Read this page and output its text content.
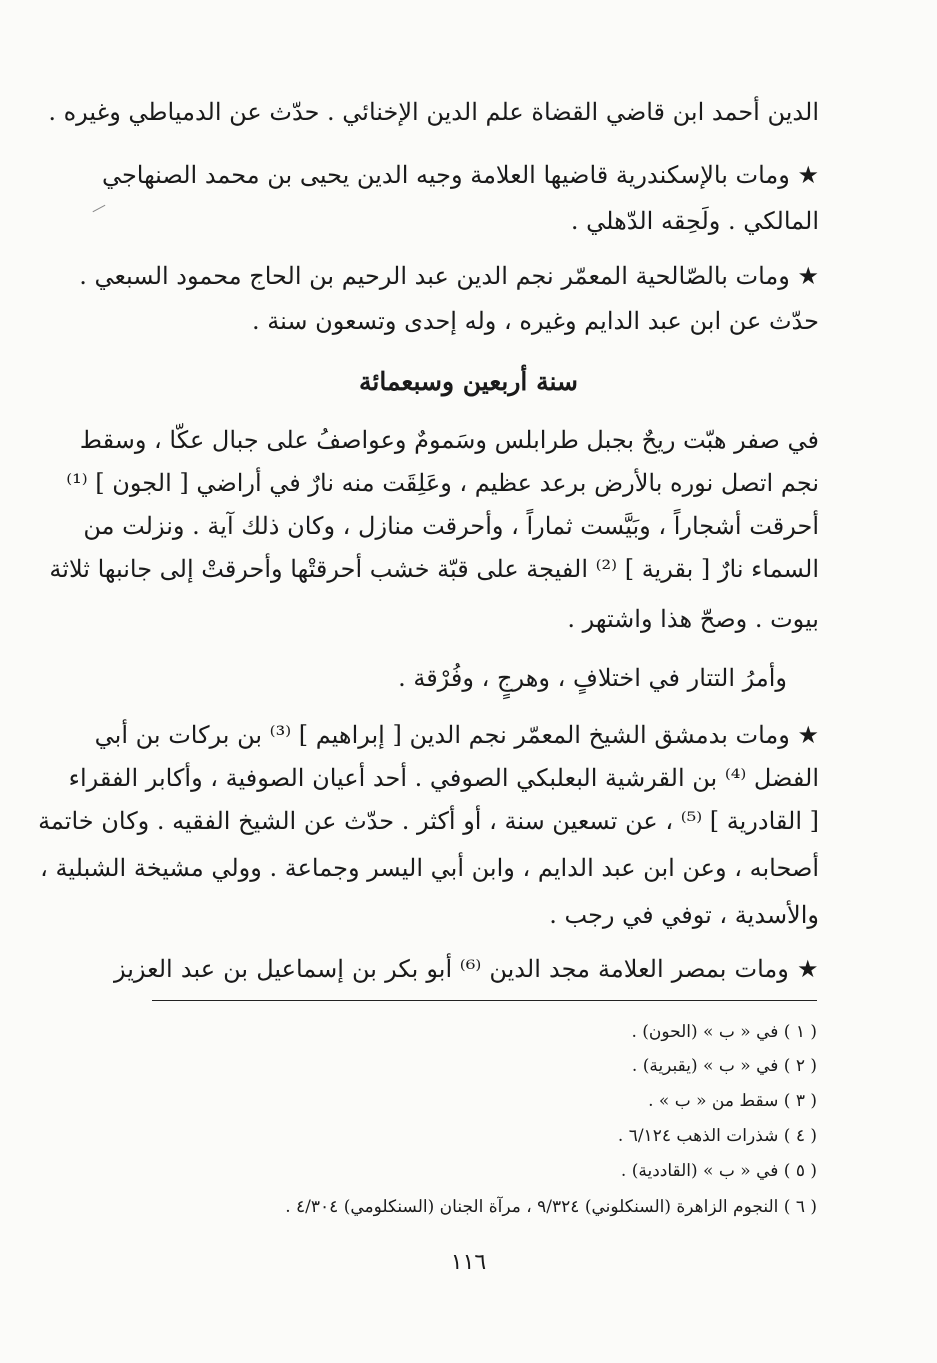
الدين أحمد ابن قاضي القضاة علم الدين الإخنائي . حدّث عن الدمياطي وغيره .
★ ومات بالإسكندرية قاضيها العلامة وجيه الدين يحيى بن محمد الصنهاجي
المالكي . ولَحِقه الدّهلي .
★ ومات بالصّالحية المعمّر نجم الدين عبد الرحيم بن الحاج محمود السبعي .
حدّث عن ابن عبد الدايم وغيره ، وله إحدى وتسعون سنة .
سنة أربعين وسبعمائة
في صفر هبّت ريحٌ بجبل طرابلس وسَمومٌ وعواصفُ على جبال عكّا ، وسقط
نجم اتصل نوره بالأرض برعد عظيم ، وعَلِقَت منه نارٌ في أراضي [ الجون ] ⁽¹⁾
أحرقت أشجاراً ، وبَيَّست ثماراً ، وأحرقت منازل ، وكان ذلك آية . ونزلت من
السماء نارٌ [ بقرية ] ⁽²⁾ الفيجة على قبّة خشب أحرقتْها وأحرقتْ إلى جانبها ثلاثة
بيوت . وصحّ هذا واشتهر .
وأمرُ التتار في اختلافٍ ، وهرجٍ ، وفُرْقة .
★ ومات بدمشق الشيخ المعمّر نجم الدين [ إبراهيم ] ⁽³⁾ بن بركات بن أبي
الفضل ⁽⁴⁾ بن القرشية البعلبكي الصوفي . أحد أعيان الصوفية ، وأكابر الفقراء
[ القادرية ] ⁽⁵⁾ ، عن تسعين سنة ، أو أكثر . حدّث عن الشيخ الفقيه . وكان خاتمة
أصحابه ، وعن ابن عبد الدايم ، وابن أبي اليسر وجماعة . وولي مشيخة الشبلية ،
والأسدية ، توفي في رجب .
★ ومات بمصر العلامة مجد الدين ⁽⁶⁾ أبو بكر بن إسماعيل بن عبد العزيز
( ١ ) في « ب » (الحون) .
( ٢ ) في « ب » (يقبرية) .
( ٣ ) سقط من « ب » .
( ٤ ) شذرات الذهب ٦/١٢٤ .
( ٥ ) في « ب » (القاددية) .
( ٦ ) النجوم الزاهرة (السنكلوني) ٩/٣٢٤ ، مرآة الجنان (السنكلومي) ٤/٣٠٤ .
١١٦
